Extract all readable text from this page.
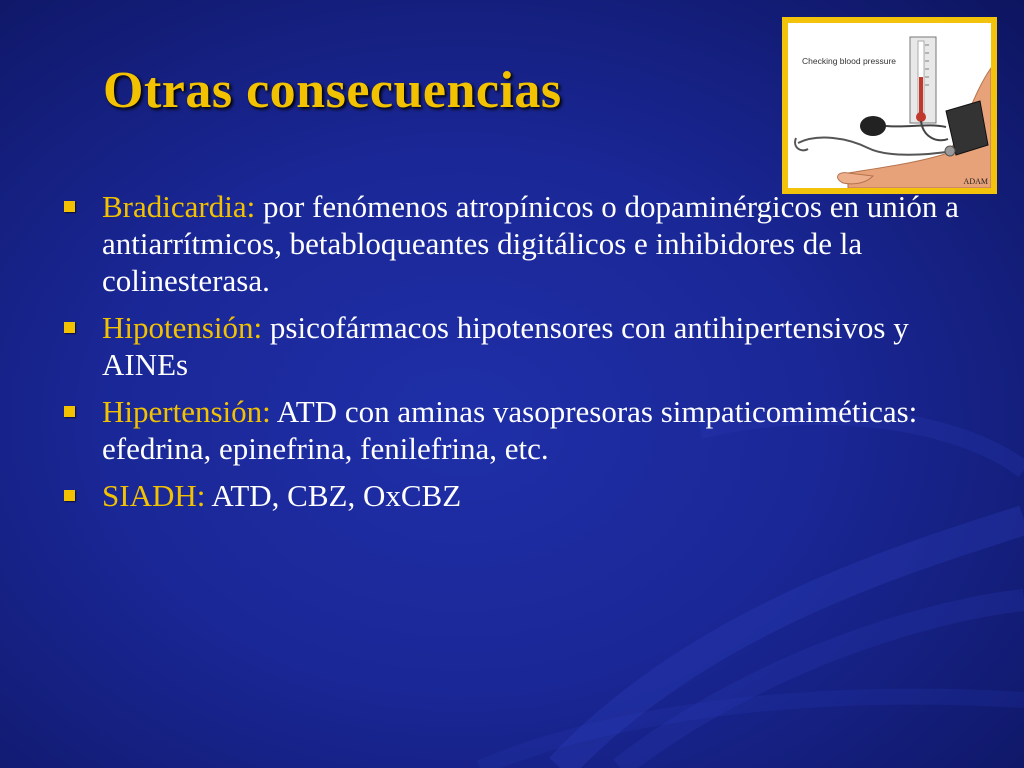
Otras consecuencias
Checking blood pressure
ADAM
Bradicardia: por fenómenos atropínicos o dopaminérgicos en unión a antiarrítmicos, betabloqueantes digitálicos e inhibidores de la colinesterasa.
Hipotensión: psicofármacos hipotensores con antihipertensivos y AINEs
Hipertensión: ATD con aminas vasopresoras simpaticomiméticas: efedrina, epinefrina, fenilefrina, etc.
SIADH: ATD, CBZ, OxCBZ
